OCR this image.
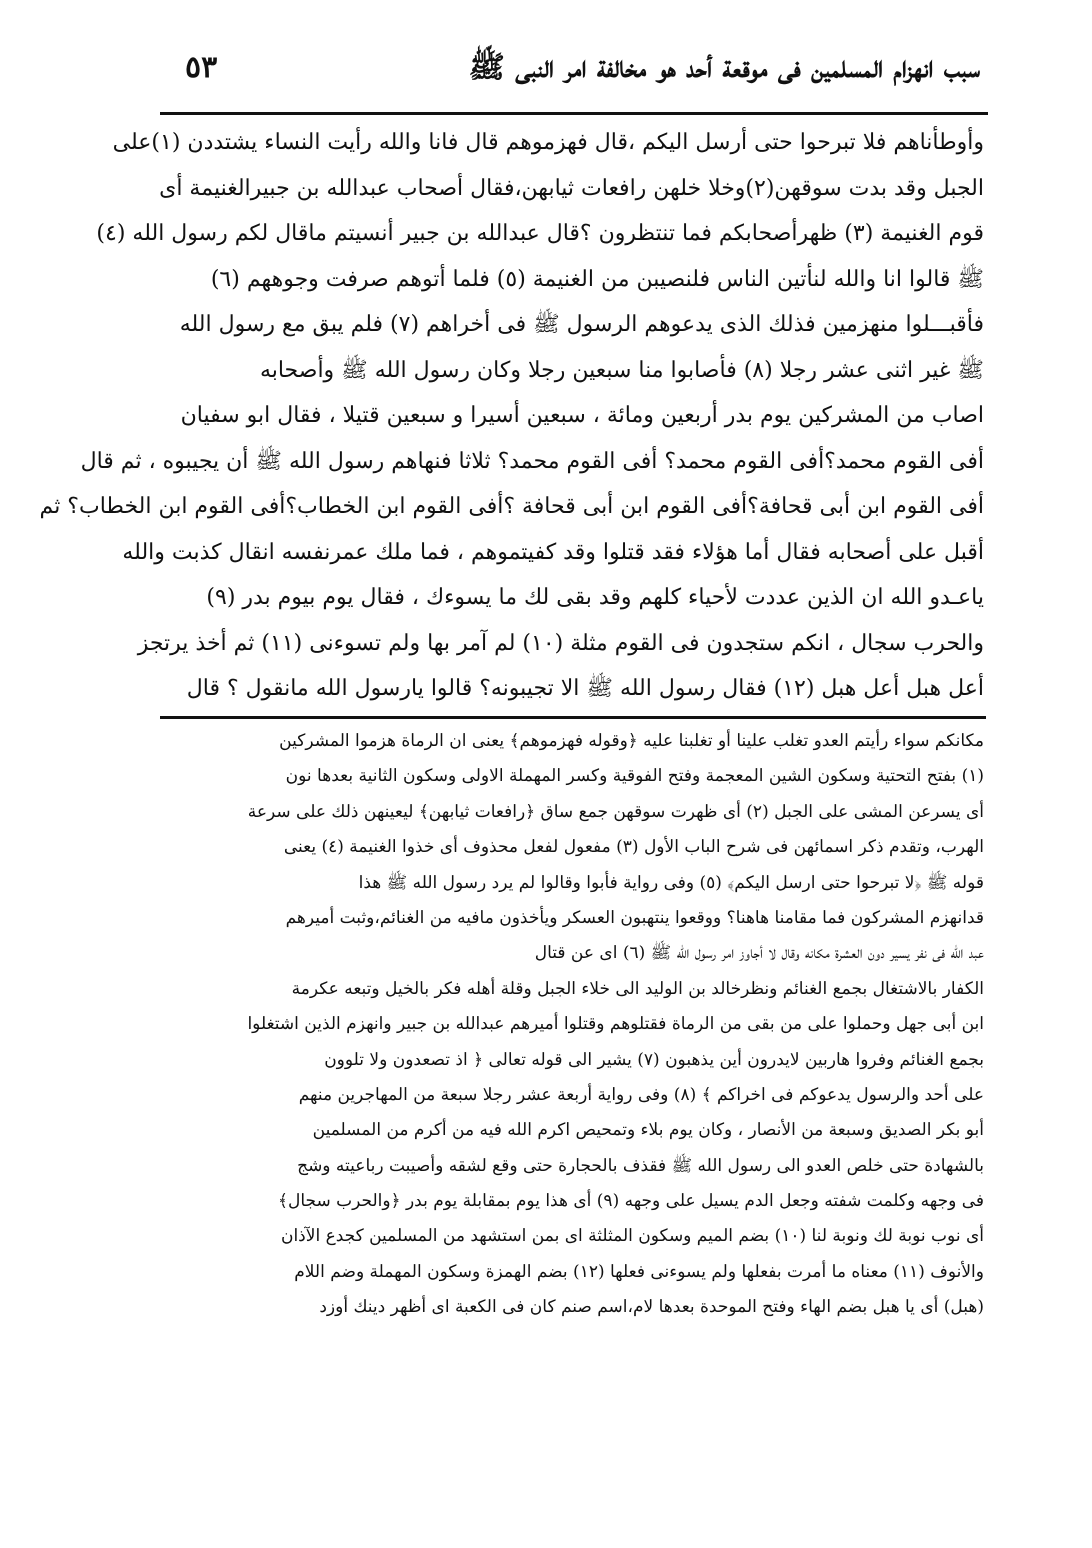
سبب انهزام المسلمين فى موقعة أحد هو مخالفة امر النبى ﷺ
٥٣
وأوطأناهم فلا تبرحوا حتى أرسل اليكم ،قال فهزموهم قال فانا والله رأيت النساء يشتددن (١)على
الجبل وقد بدت سوقهن(٢)وخلا خلهن رافعات ثيابهن،فقال أصحاب عبدالله بن جبيرالغنيمة أى
قوم الغنيمة (٣) ظهرأصحابكم فما تنتظرون ؟قال عبدالله بن جبير أنسيتم ماقال لكم رسول الله (٤)
ﷺ قالوا انا والله لنأتين الناس فلنصيبن من الغنيمة (٥) فلما أتوهم صرفت وجوههم (٦)
فأقبـــلوا منهزمين فذلك الذى يدعوهم الرسول ﷺ فى أخراهم (٧) فلم يبق مع رسول الله
ﷺ غير اثنى عشر رجلا (٨) فأصابوا منا سبعين رجلا وكان رسول الله ﷺ وأصحابه
اصاب من المشركين يوم بدر أربعين ومائة ، سبعين أسيرا و سبعين قتيلا ، فقال ابو سفيان
أفى القوم محمد؟أفى القوم محمد؟ أفى القوم محمد؟ ثلاثا فنهاهم رسول الله ﷺ أن يجيبوه ، ثم قال
أفى القوم ابن أبى قحافة؟أفى القوم ابن أبى قحافة ؟أفى القوم ابن الخطاب؟أفى القوم ابن الخطاب؟ ثم
أقبل على أصحابه فقال أما هؤلاء فقد قتلوا وقد كفيتموهم ، فما ملك عمرنفسه انقال كذبت والله
ياعـدو الله ان الذين عددت لأحياء كلهم وقد بقى لك ما يسوءك ، فقال يوم بيوم بدر (٩)
والحرب سجال ، انكم ستجدون فى القوم مثلة (١٠) لم آمر بها ولم تسوءنى (١١) ثم أخذ يرتجز
أعل هبل أعل هبل (١٢) فقال رسول الله ﷺ الا تجيبونه؟ قالوا يارسول الله مانقول ؟ قال
مكانكم سواء رأيتم العدو تغلب علينا أو تغلبنا عليه ﴿وقوله فهزموهم﴾ يعنى ان الرماة هزموا المشركين
(١) بفتح التحتية وسكون الشين المعجمة وفتح الفوقية وكسر المهملة الاولى وسكون الثانية بعدها نون
أى يسرعن المشى على الجبل (٢) أى ظهرت سوقهن جمع ساق ﴿رافعات ثيابهن﴾ ليعينهن ذلك على سرعة
الهرب، وتقدم ذكر اسمائهن فى شرح الباب الأول (٣) مفعول لفعل محذوف أى خذوا الغنيمة (٤) يعنى
قوله ﷺ ﴿لا تبرحوا حتى ارسل اليكم﴾ (٥) وفى رواية فأبوا وقالوا لم يرد رسول الله ﷺ هذا
قدانهزم المشركون فما مقامنا هاهنا؟ ووقعوا ينتهبون العسكر ويأخذون مافيه من الغنائم،وثبت أميرهم
عبد الله فى نفر يسير دون العشرة مكانه وقال لا أجاوز امر رسول الله ﷺ (٦) اى عن قتال
الكفار بالاشتغال بجمع الغنائم ونظرخالد بن الوليد الى خلاء الجبل وقلة أهله فكر بالخيل وتبعه عكرمة
ابن أبى جهل وحملوا على من بقى من الرماة فقتلوهم وقتلوا أميرهم عبدالله بن جبير وانهزم الذين اشتغلوا
بجمع الغنائم وفروا هاربين لايدرون أين يذهبون (٧) يشير الى قوله تعالى ﴿ اذ تصعدون ولا تلوون
على أحد والرسول يدعوكم فى اخراكم ﴾ (٨) وفى رواية أربعة عشر رجلا سبعة من المهاجرين منهم
أبو بكر الصديق وسبعة من الأنصار ، وكان يوم بلاء وتمحيص اكرم الله فيه من أكرم من المسلمين
بالشهادة حتى خلص العدو الى رسول الله ﷺ فقذف بالحجارة حتى وقع لشقه وأصيبت رباعيته وشج
فى وجهه وكلمت شفته وجعل الدم يسيل على وجهه (٩) أى هذا يوم بمقابلة يوم بدر ﴿والحرب سجال﴾
أى نوب نوبة لك ونوبة لنا (١٠) بضم الميم وسكون المثلثة اى بمن استشهد من المسلمين كجدع الآذان
والأنوف (١١) معناه ما أمرت بفعلها ولم يسوءنى فعلها (١٢) بضم الهمزة وسكون المهملة وضم اللام
(هبل) أى يا هبل بضم الهاء وفتح الموحدة بعدها لام،اسم صنم كان فى الكعبة اى أظهر دينك أوزد
